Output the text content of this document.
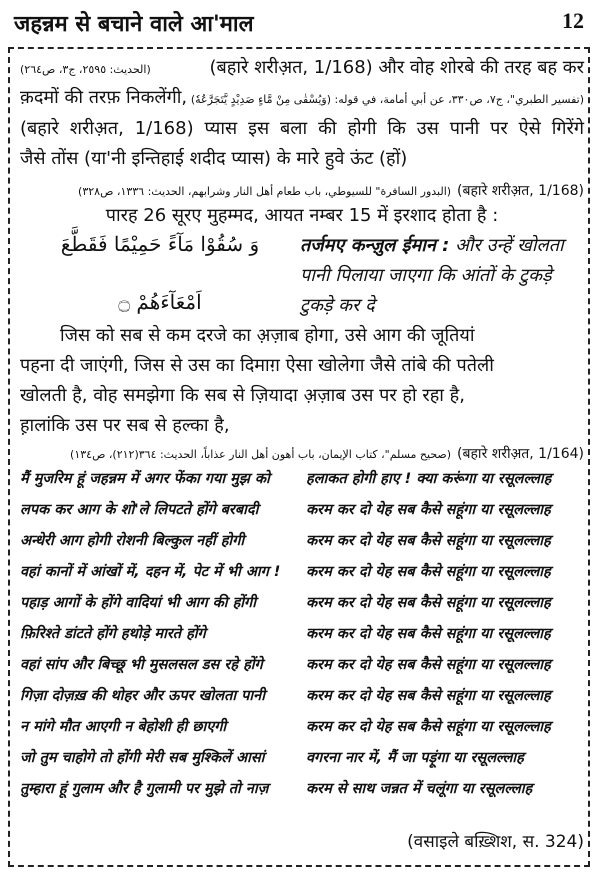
जहन्नम से बचाने वाले आ'माल	12
(الحديث: ٢٥٩٥، ج٣، ص٢٦٤)	(बहारे शरीअ़त, 1/168) और वोह शोरबे की तरह बह कर
क़दमों की तरफ़ निकलेंगी, (تفسير الطبري"، ج٧، ص٣٣٠، عن أبي أمامة، في قوله: (وَيُسْقٰى مِنْ مَّاءٍ صَدِيْدٍ يَّتَجَرَّعُهٗ)
(बहारे शरीअ़त, 1/168) प्यास इस बला की होगी कि उस पानी पर ऐसे गिरेंगे
जैसे तोंस (या'नी इन्तिहाई शदीद प्यास) के मारे हुवे ऊंट (हों)
(البدور السافرة" للسيوطي، باب طعام أهل النار وشرابهم، الحديث: ١٣٣٦، ص٣٢٨) (बहारे शरीअ़त, 1/168)
पारह 26 सूरए मुहम्मद, आयत नम्बर 15 में इरशाद होता है :
وَ سُقُوْا مَآءً حَمِيْمًا فَقَطَّعَ
اَمْعَآءَهُمْ ۝
तर्जमए कन्ज़ुल ईमान : और उन्हें खोलता
पानी पिलाया जाएगा कि आंतों के टुकड़े
टुकड़े कर दे
जिस को सब से कम दरजे का अ़ज़ाब होगा, उसे आग की जूतियां
पहना दी जाएंगी, जिस से उस का दिमाग़ ऐसा खोलेगा जैसे तांबे की पतेली
खोलती है, वोह समझेगा कि सब से ज़ियादा अ़ज़ाब उस पर हो रहा है,
ह़ालांकि उस पर सब से हल्का है,
(صحيح مسلم"، كتاب الإيمان، باب أهون أهل النار عذاباً، الحديث: ٣٦٤(٢١٢)، ص١٣٤) (बहारे शरीअ़त, 1/164)
मैं मुजरिम हूं जहन्नम में अगर फेंका गया मुझ को	हलाकत होगी हाए ! क्या करूंगा या रसूलल्लाह
लपक कर आग के शो'ले लिपटते होंगे बरबादी	करम कर दो येह सब कैसे सहूंगा या रसूलल्लाह
अन्धेरी आग होगी रोशनी बिल्कुल नहीं होगी	करम कर दो येह सब कैसे सहूंगा या रसूलल्लाह
वहां कानों में आंखों में, दहन में, पेट में भी आग !	करम कर दो येह सब कैसे सहूंगा या रसूलल्लाह
पहाड़ आगों के होंगे वादियां भी आग की होंगी	करम कर दो येह सब कैसे सहूंगा या रसूलल्लाह
फ़िरिश्ते डांटते होंगे हथोड़े मारते होंगे	करम कर दो येह सब कैसे सहूंगा या रसूलल्लाह
वहां सांप और बिच्छू भी मुसलसल डस रहे होंगे	करम कर दो येह सब कैसे सहूंगा या रसूलल्लाह
गिज़ा दोज़ख़ की थोहर और ऊपर खोलता पानी	करम कर दो येह सब कैसे सहूंगा या रसूलल्लाह
न मांगे मौत आएगी न बेहोशी ही छाएगी	करम कर दो येह सब कैसे सहूंगा या रसूलल्लाह
जो तुम चाहोगे तो होंगी मेरी सब मुश्किलें आसां	वगरना नार में, मैं जा पड़ूंगा या रसूलल्लाह
तुम्हारा हूं गुलाम और है गुलामी पर मुझे तो नाज़	करम से साथ जन्नत में चलूंगा या रसूलल्लाह
(वसाइले बख़्शिश, स. 324)
